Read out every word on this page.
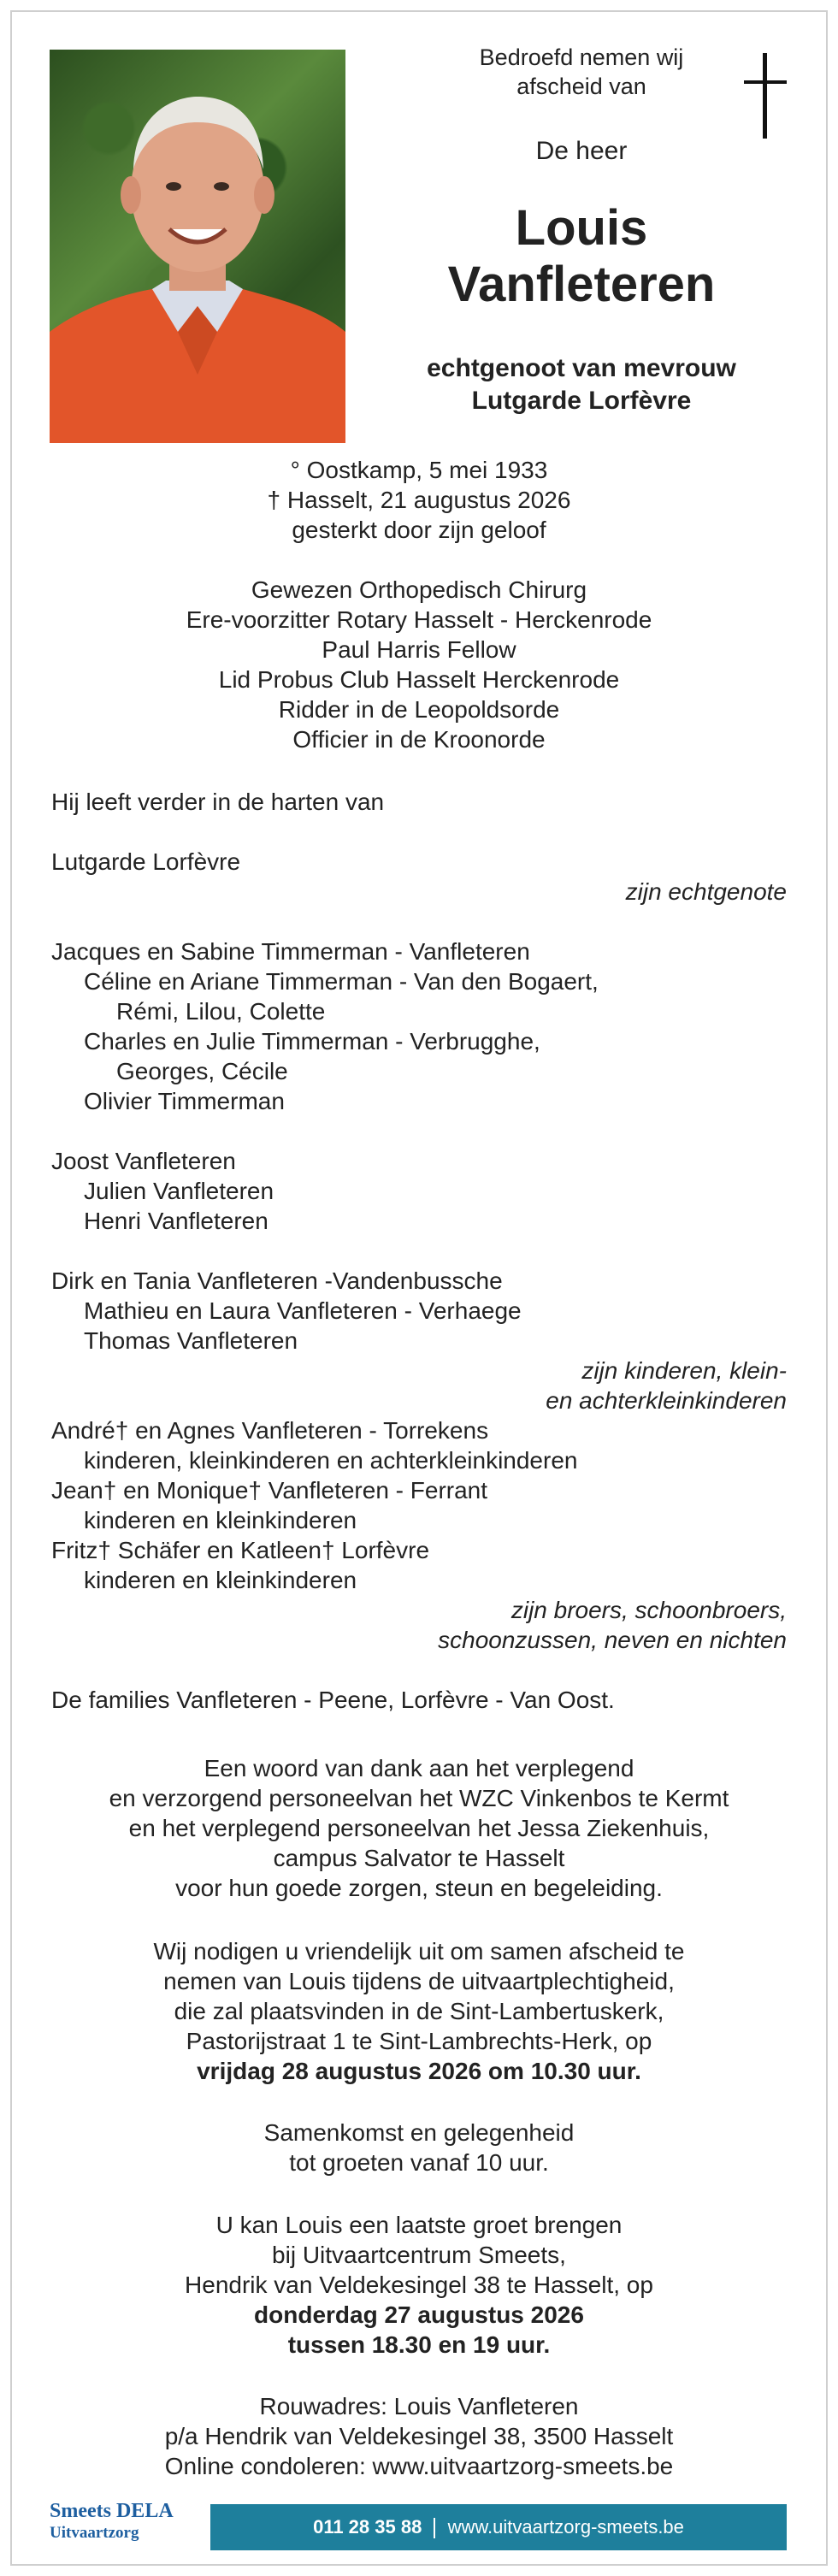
Bedroefd nemen wij
afscheid van
De heer
Louis
Vanfleteren
echtgenoot van mevrouw
Lutgarde Lorfèvre
° Oostkamp, 5 mei 1933
† Hasselt, 21 augustus 2026
gesterkt door zijn geloof
Gewezen Orthopedisch Chirurg
Ere-voorzitter Rotary Hasselt - Herckenrode
Paul Harris Fellow
Lid Probus Club Hasselt Herckenrode
Ridder in de Leopoldsorde
Officier in de Kroonorde
Hij leeft verder in de harten van
Lutgarde Lorfèvre
zijn echtgenote
Jacques en Sabine Timmerman - Vanfleteren
Céline en Ariane Timmerman - Van den Bogaert,
Rémi, Lilou, Colette
Charles en Julie Timmerman - Verbrugghe,
Georges, Cécile
Olivier Timmerman
Joost Vanfleteren
Julien Vanfleteren
Henri Vanfleteren
Dirk en Tania Vanfleteren -Vandenbussche
Mathieu en Laura Vanfleteren - Verhaege
Thomas Vanfleteren
zijn kinderen, klein-
en achterkleinkinderen
André† en Agnes Vanfleteren - Torrekens
kinderen, kleinkinderen en achterkleinkinderen
Jean† en Monique† Vanfleteren - Ferrant
kinderen en kleinkinderen
Fritz† Schäfer en Katleen† Lorfèvre
kinderen en kleinkinderen
zijn broers, schoonbroers,
schoonzussen, neven en nichten
De families Vanfleteren - Peene, Lorfèvre - Van Oost.
Een woord van dank aan het verplegend
en verzorgend personeelvan het WZC Vinkenbos te Kermt
en het verplegend personeelvan het Jessa Ziekenhuis,
campus Salvator te Hasselt
voor hun goede zorgen, steun en begeleiding.
Wij nodigen u vriendelijk uit om samen afscheid te
nemen van Louis tijdens de uitvaartplechtigheid,
die zal plaatsvinden in de Sint-Lambertuskerk,
Pastorijstraat 1 te Sint-Lambrechts-Herk, op
vrijdag 28 augustus 2026 om 10.30 uur.
Samenkomst en gelegenheid
tot groeten vanaf 10 uur.
U kan Louis een laatste groet brengen
bij Uitvaartcentrum Smeets,
Hendrik van Veldekesingel 38 te Hasselt, op
donderdag 27 augustus 2026
tussen 18.30 en 19 uur.
Rouwadres: Louis Vanfleteren
p/a Hendrik van Veldekesingel 38, 3500 Hasselt
Online condoleren: www.uitvaartzorg-smeets.be
Smeets DELA
Uitvaartzorg	011 28 35 88 www.uitvaartzorg-smeets.be
